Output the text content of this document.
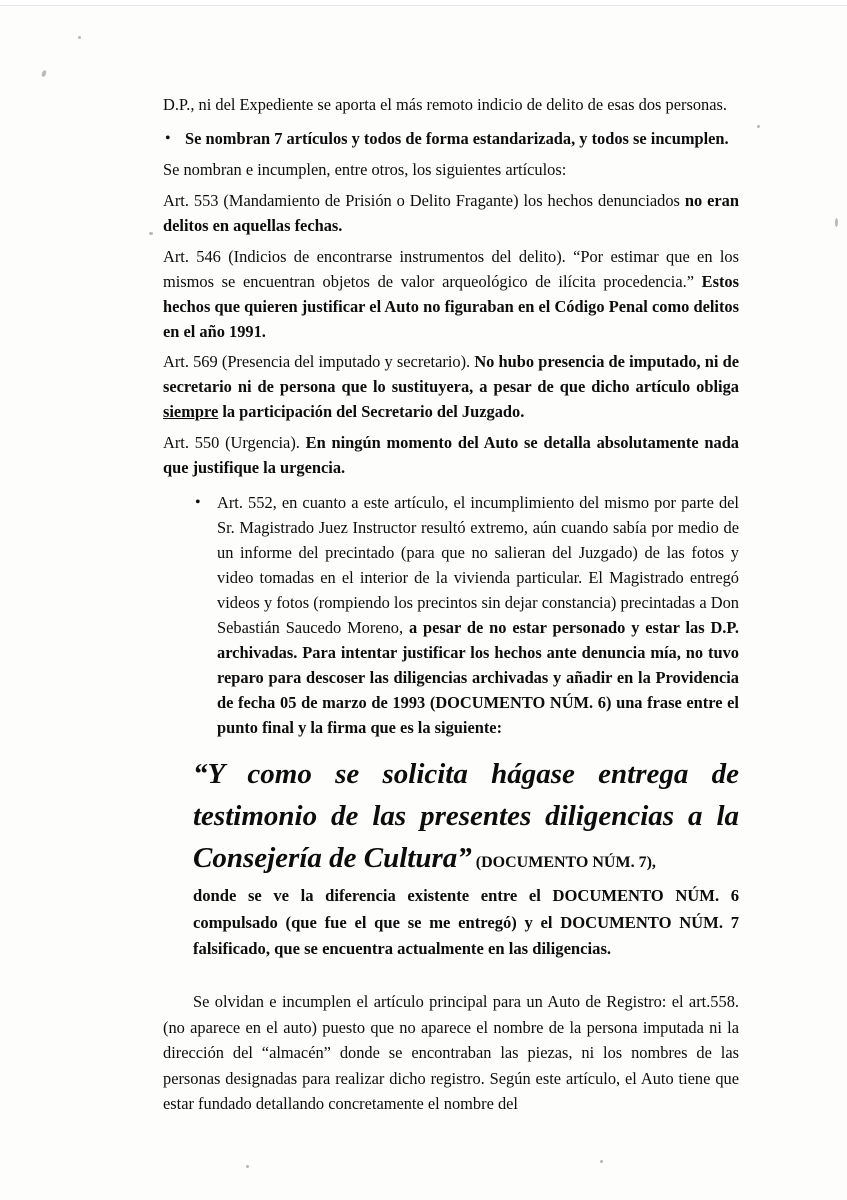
D.P., ni del Expediente se aporta el más remoto indicio de delito de esas dos personas.

• Se nombran 7 artículos y todos de forma estandarizada, y todos se incumplen.

Se nombran e incumplen, entre otros, los siguientes artículos:

Art. 553 (Mandamiento de Prisión o Delito Fragante) los hechos denunciados no eran delitos en aquellas fechas.

Art. 546 (Indicios de encontrarse instrumentos del delito). “Por estimar que en los mismos se encuentran objetos de valor arqueológico de ilícita procedencia.” Estos hechos que quieren justificar el Auto no figuraban en el Código Penal como delitos en el año 1991.

Art. 569 (Presencia del imputado y secretario). No hubo presencia de imputado, ni de secretario ni de persona que lo sustituyera, a pesar de que dicho artículo obliga siempre la participación del Secretario del Juzgado.

Art. 550 (Urgencia). En ningún momento del Auto se detalla absolutamente nada que justifique la urgencia.

• Art. 552, en cuanto a este artículo, el incumplimiento del mismo por parte del Sr. Magistrado Juez Instructor resultó extremo, aún cuando sabía por medio de un informe del precintado (para que no salieran del Juzgado) de las fotos y video tomadas en el interior de la vivienda particular. El Magistrado entregó videos y fotos (rompiendo los precintos sin dejar constancia) precintadas a Don Sebastián Saucedo Moreno, a pesar de no estar personado y estar las D.P. archivadas. Para intentar justificar los hechos ante denuncia mía, no tuvo reparo para descoser las diligencias archivadas y añadir en la Providencia de fecha 05 de marzo de 1993 (DOCUMENTO NÚM. 6) una frase entre el punto final y la firma que es la siguiente:

“Y como se solicita hágase entrega de testimonio de las presentes diligencias a la Consejería de Cultura” (DOCUMENTO NÚM. 7),

donde se ve la diferencia existente entre el DOCUMENTO NÚM. 6 compulsado (que fue el que se me entregó) y el DOCUMENTO NÚM. 7 falsificado, que se encuentra actualmente en las diligencias.

Se olvidan e incumplen el artículo principal para un Auto de Registro: el art.558. (no aparece en el auto) puesto que no aparece el nombre de la persona imputada ni la dirección del “almacén” donde se encontraban las piezas, ni los nombres de las personas designadas para realizar dicho registro. Según este artículo, el Auto tiene que estar fundado detallando concretamente el nombre del
